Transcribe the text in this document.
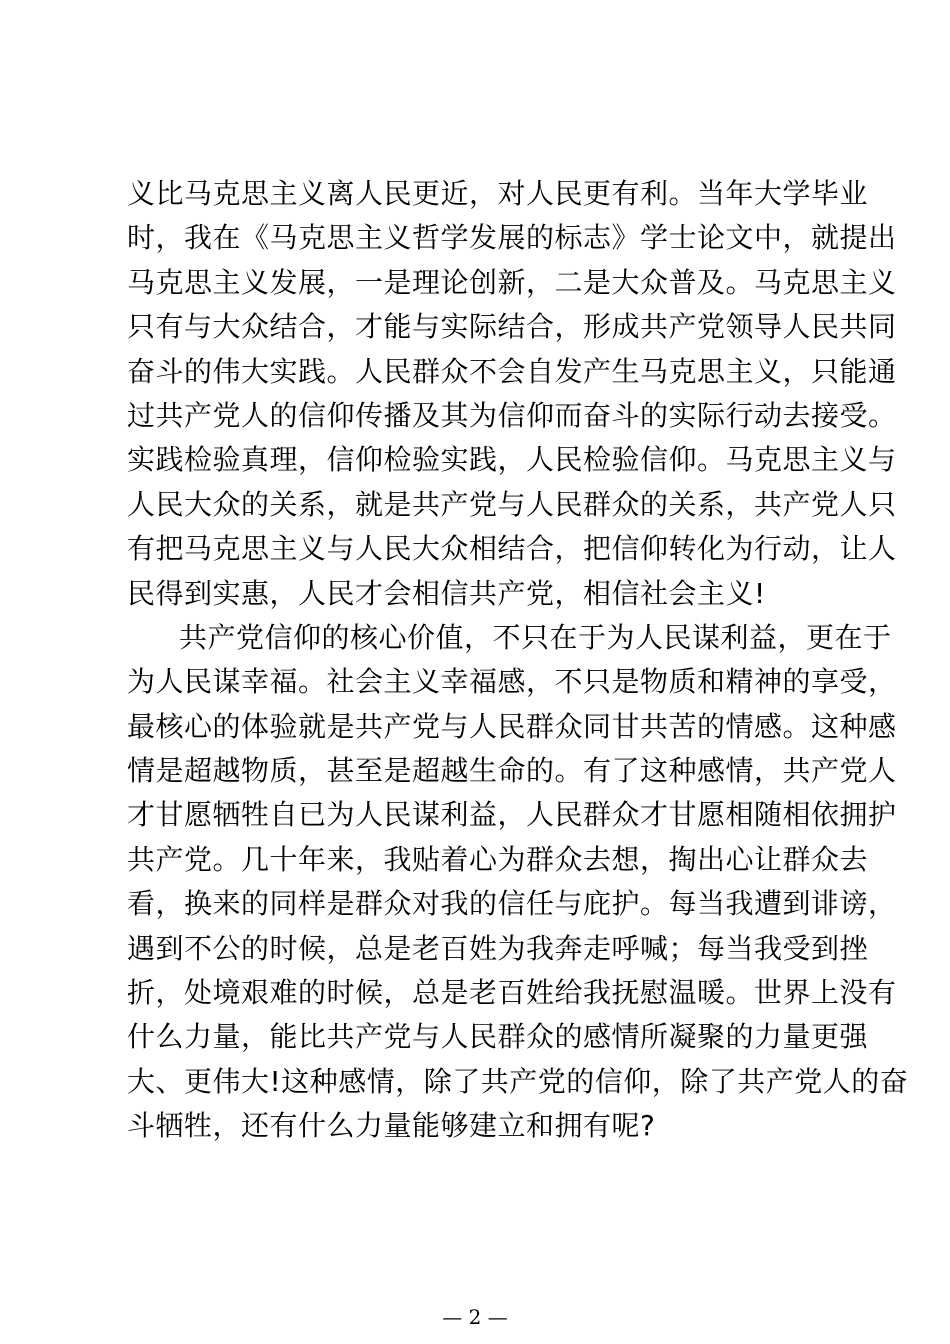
义比马克思主义离人民更近，对人民更有利。当年大学毕业
时，我在《马克思主义哲学发展的标志》学士论文中，就提出
马克思主义发展，一是理论创新，二是大众普及。马克思主义
只有与大众结合，才能与实际结合，形成共产党领导人民共同
奋斗的伟大实践。人民群众不会自发产生马克思主义，只能通
过共产党人的信仰传播及其为信仰而奋斗的实际行动去接受。
实践检验真理，信仰检验实践，人民检验信仰。马克思主义与
人民大众的关系，就是共产党与人民群众的关系，共产党人只
有把马克思主义与人民大众相结合，把信仰转化为行动，让人
民得到实惠，人民才会相信共产党，相信社会主义!
共产党信仰的核心价值，不只在于为人民谋利益，更在于
为人民谋幸福。社会主义幸福感，不只是物质和精神的享受，
最核心的体验就是共产党与人民群众同甘共苦的情感。这种感
情是超越物质，甚至是超越生命的。有了这种感情，共产党人
才甘愿牺牲自已为人民谋利益，人民群众才甘愿相随相依拥护
共产党。几十年来，我贴着心为群众去想，掏出心让群众去
看，换来的同样是群众对我的信任与庇护。每当我遭到诽谤，
遇到不公的时候，总是老百姓为我奔走呼喊；每当我受到挫
折，处境艰难的时候，总是老百姓给我抚慰温暖。世界上没有
什么力量，能比共产党与人民群众的感情所凝聚的力量更强
大、更伟大!这种感情，除了共产党的信仰，除了共产党人的奋
斗牺牲，还有什么力量能够建立和拥有呢?
— 2 —
